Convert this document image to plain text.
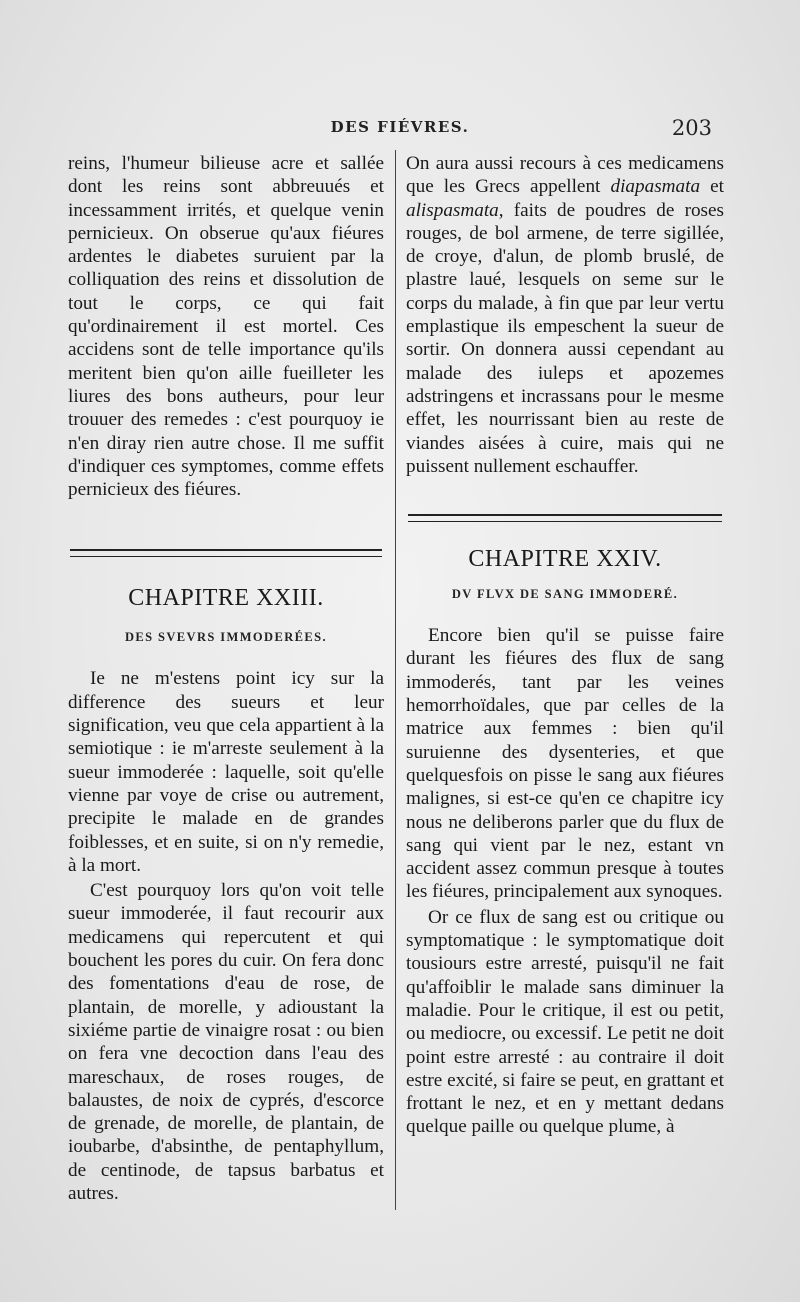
DES FIÉVRES.	203

reins, l'humeur bilieuse acre et sallée dont les reins sont abbreuués et incessamment irrités, et quelque venin pernicieux. On obserue qu'aux fiéures ardentes le diabetes suruient par la colliquation des reins et dissolution de tout le corps, ce qui fait qu'ordinairement il est mortel. Ces accidens sont de telle importance qu'ils meritent bien qu'on aille fueilleter les liures des bons autheurs, pour leur trouuer des remedes : c'est pourquoy ie n'en diray rien autre chose. Il me suffit d'indiquer ces symptomes, comme effets pernicieux des fiéures.

CHAPITRE XXIII.
DES SVEVRS IMMODERÉES.

Ie ne m'estens point icy sur la difference des sueurs et leur signification, veu que cela appartient à la semiotique : ie m'arreste seulement à la sueur immoderée : laquelle, soit qu'elle vienne par voye de crise ou autrement, precipite le malade en de grandes foiblesses, et en suite, si on n'y remedie, à la mort.

C'est pourquoy lors qu'on voit telle sueur immoderée, il faut recourir aux medicamens qui repercutent et qui bouchent les pores du cuir. On fera donc des fomentations d'eau de rose, de plantain, de morelle, y adioustant la sixiéme partie de vinaigre rosat : ou bien on fera vne decoction dans l'eau des mareschaux, de roses rouges, de balaustes, de noix de cyprés, d'escorce de grenade, de morelle, de plantain, de ioubarbe, d'absinthe, de pentaphyllum, de centinode, de tapsus barbatus et autres.

On aura aussi recours à ces medicamens que les Grecs appellent diapasmata et alispasmata, faits de poudres de roses rouges, de bol armene, de terre sigillée, de croye, d'alun, de plomb bruslé, de plastre laué, lesquels on seme sur le corps du malade, à fin que par leur vertu emplastique ils empeschent la sueur de sortir. On donnera aussi cependant au malade des iuleps et apozemes adstringens et incrassans pour le mesme effet, les nourrissant bien au reste de viandes aisées à cuire, mais qui ne puissent nullement eschauffer.

CHAPITRE XXIV.
DV FLVX DE SANG IMMODERÉ.

Encore bien qu'il se puisse faire durant les fiéures des flux de sang immoderés, tant par les veines hemorrhoïdales, que par celles de la matrice aux femmes : bien qu'il suruienne des dysenteries, et que quelquesfois on pisse le sang aux fiéures malignes, si est-ce qu'en ce chapitre icy nous ne deliberons parler que du flux de sang qui vient par le nez, estant vn accident assez commun presque à toutes les fiéures, principalement aux synoques.

Or ce flux de sang est ou critique ou symptomatique : le symptomatique doit tousiours estre arresté, puisqu'il ne fait qu'affoiblir le malade sans diminuer la maladie. Pour le critique, il est ou petit, ou mediocre, ou excessif. Le petit ne doit point estre arresté : au contraire il doit estre excité, si faire se peut, en grattant et frottant le nez, et en y mettant dedans quelque paille ou quelque plume, à
